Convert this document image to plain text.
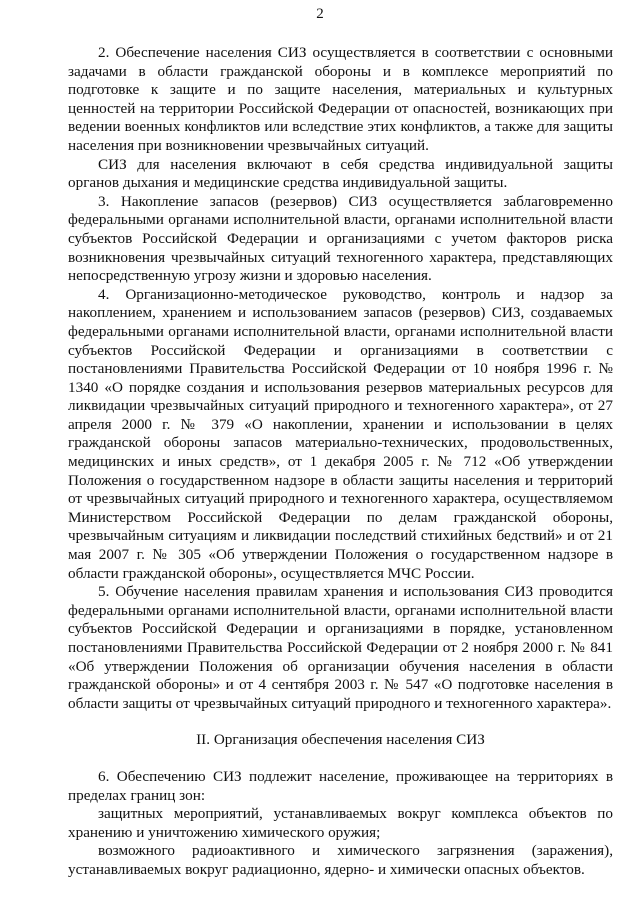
2

2. Обеспечение населения СИЗ осуществляется в соответствии с основными задачами в области гражданской обороны и в комплексе мероприятий по подготовке к защите и по защите населения, материальных и культурных ценностей на территории Российской Федерации от опасностей, возникающих при ведении военных конфликтов или вследствие этих конфликтов, а также для защиты населения при возникновении чрезвычайных ситуаций.

СИЗ для населения включают в себя средства индивидуальной защиты органов дыхания и медицинские средства индивидуальной защиты.

3. Накопление запасов (резервов) СИЗ осуществляется заблаговременно федеральными органами исполнительной власти, органами исполнительной власти субъектов Российской Федерации и организациями с учетом факторов риска возникновения чрезвычайных ситуаций техногенного характера, представляющих непосредственную угрозу жизни и здоровью населения.

4. Организационно-методическое руководство, контроль и надзор за накоплением, хранением и использованием запасов (резервов) СИЗ, создаваемых федеральными органами исполнительной власти, органами исполнительной власти субъектов Российской Федерации и организациями в соответствии с постановлениями Правительства Российской Федерации от 10 ноября 1996 г. № 1340 «О порядке создания и использования резервов материальных ресурсов для ликвидации чрезвычайных ситуаций природного и техногенного характера», от 27 апреля 2000 г. № 379 «О накоплении, хранении и использовании в целях гражданской обороны запасов материально-технических, продовольственных, медицинских и иных средств», от 1 декабря 2005 г. № 712 «Об утверждении Положения о государственном надзоре в области защиты населения и территорий от чрезвычайных ситуаций природного и техногенного характера, осуществляемом Министерством Российской Федерации по делам гражданской обороны, чрезвычайным ситуациям и ликвидации последствий стихийных бедствий» и от 21 мая 2007 г. № 305 «Об утверждении Положения о государственном надзоре в области гражданской обороны», осуществляется МЧС России.

5. Обучение населения правилам хранения и использования СИЗ проводится федеральными органами исполнительной власти, органами исполнительной власти субъектов Российской Федерации и организациями в порядке, установленном постановлениями Правительства Российской Федерации от 2 ноября 2000 г. № 841 «Об утверждении Положения об организации обучения населения в области гражданской обороны» и от 4 сентября 2003 г. № 547 «О подготовке населения в области защиты от чрезвычайных ситуаций природного и техногенного характера».

II. Организация обеспечения населения СИЗ

6. Обеспечению СИЗ подлежит население, проживающее на территориях в пределах границ зон:

защитных мероприятий, устанавливаемых вокруг комплекса объектов по хранению и уничтожению химического оружия;

возможного радиоактивного и химического загрязнения (заражения), устанавливаемых вокруг радиационно, ядерно- и химически опасных объектов.
